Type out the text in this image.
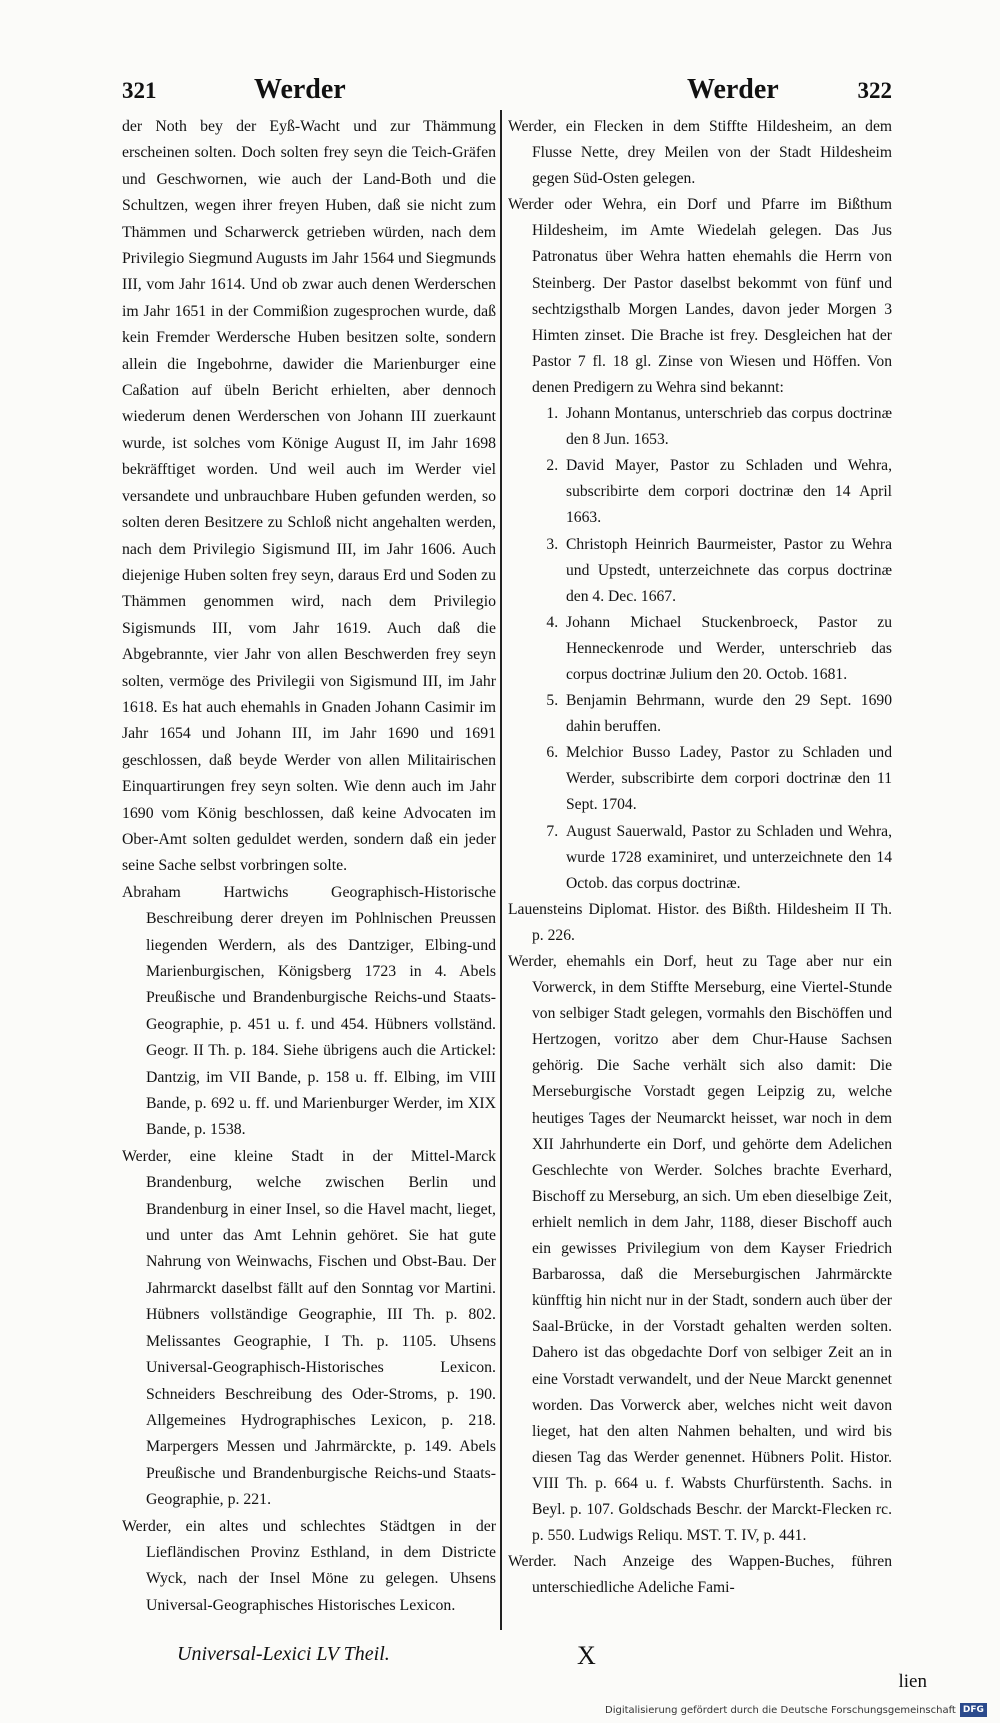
321	Werder	Werder	322

der Noth bey der Eyß-Wacht und zur Thämmung erscheinen solten. Doch solten frey seyn die Teich-Gräfen und Geschwornen, wie auch der Land-Both und die Schultzen, wegen ihrer freyen Huben, daß sie nicht zum Thämmen und Scharwerck getrieben würden, nach dem Privilegio Siegmund Augusts im Jahr 1564 und Siegmunds III, vom Jahr 1614. Und ob zwar auch denen Werderschen im Jahr 1651 in der Commißion zugesprochen wurde, daß kein Fremder Werdersche Huben besitzen solte, sondern allein die Ingebohrne, dawider die Marienburger eine Caßation auf übeln Bericht erhielten, aber dennoch wiederum denen Werderschen von Johann III zuerkaunt wurde, ist solches vom Könige August II, im Jahr 1698 bekräfftiget worden. Und weil auch im Werder viel versandete und unbrauchbare Huben gefunden werden, so solten deren Besitzere zu Schloß nicht angehalten werden, nach dem Privilegio Sigismund III, im Jahr 1606. Auch diejenige Huben solten frey seyn, daraus Erd und Soden zu Thämmen genommen wird, nach dem Privilegio Sigismunds III, vom Jahr 1619. Auch daß die Abgebrannte, vier Jahr von allen Beschwerden frey seyn solten, vermöge des Privilegii von Sigismund III, im Jahr 1618. Es hat auch ehemahls in Gnaden Johann Casimir im Jahr 1654 und Johann III, im Jahr 1690 und 1691 geschlossen, daß beyde Werder von allen Militairischen Einquartirungen frey seyn solten. Wie denn auch im Jahr 1690 vom König beschlossen, daß keine Advocaten im Ober-Amt solten geduldet werden, sondern daß ein jeder seine Sache selbst vorbringen solte.

Abraham Hartwichs Geographisch-Historische Beschreibung derer dreyen im Pohlnischen Preussen liegenden Werdern, als des Dantziger, Elbing-und Marienburgischen, Königsberg 1723 in 4. Abels Preußische und Brandenburgische Reichs-und Staats-Geographie, p. 451 u. f. und 454. Hübners vollständ. Geogr. II Th. p. 184. Siehe übrigens auch die Artickel: Dantzig, im VII Bande, p. 158 u. ff. Elbing, im VIII Bande, p. 692 u. ff. und Marienburger Werder, im XIX Bande, p. 1538.

Werder, eine kleine Stadt in der Mittel-Marck Brandenburg, welche zwischen Berlin und Brandenburg in einer Insel, so die Havel macht, lieget, und unter das Amt Lehnin gehöret. Sie hat gute Nahrung von Weinwachs, Fischen und Obst-Bau. Der Jahrmarckt daselbst fällt auf den Sonntag vor Martini. Hübners vollständige Geographie, III Th. p. 802. Melissantes Geographie, I Th. p. 1105. Uhsens Universal-Geographisch-Historisches Lexicon. Schneiders Beschreibung des Oder-Stroms, p. 190. Allgemeines Hydrographisches Lexicon, p. 218. Marpergers Messen und Jahrmärckte, p. 149. Abels Preußische und Brandenburgische Reichs-und Staats-Geographie, p. 221.

Werder, ein altes und schlechtes Städtgen in der Liefländischen Provinz Esthland, in dem Districte Wyck, nach der Insel Möne zu gelegen. Uhsens Universal-Geographisches Historisches Lexicon.

Werder, ein Flecken in dem Stiffte Hildesheim, an dem Flusse Nette, drey Meilen von der Stadt Hildesheim gegen Süd-Osten gelegen.

Werder oder Wehra, ein Dorf und Pfarre im Bißthum Hildesheim, im Amte Wiedelah gelegen. Das Jus Patronatus über Wehra hatten ehemahls die Herrn von Steinberg. Der Pastor daselbst bekommt von fünf und sechtzigsthalb Morgen Landes, davon jeder Morgen 3 Himten zinset. Die Brache ist frey. Desgleichen hat der Pastor 7 fl. 18 gl. Zinse von Wiesen und Höffen. Von denen Predigern zu Wehra sind bekannt:

1. Johann Montanus, unterschrieb das corpus doctrinæ den 8 Jun. 1653.
2. David Mayer, Pastor zu Schladen und Wehra, subscribirte dem corpori doctrinæ den 14 April 1663.
3. Christoph Heinrich Baurmeister, Pastor zu Wehra und Upstedt, unterzeichnete das corpus doctrinæ den 4. Dec. 1667.
4. Johann Michael Stuckenbroeck, Pastor zu Henneckenrode und Werder, unterschrieb das corpus doctrinæ Julium den 20. Octob. 1681.
5. Benjamin Behrmann, wurde den 29 Sept. 1690 dahin beruffen.
6. Melchior Busso Ladey, Pastor zu Schladen und Werder, subscribirte dem corpori doctrinæ den 11 Sept. 1704.
7. August Sauerwald, Pastor zu Schladen und Wehra, wurde 1728 examiniret, und unterzeichnete den 14 Octob. das corpus doctrinæ.

Lauensteins Diplomat. Histor. des Bißth. Hildesheim II Th. p. 226.

Werder, ehemahls ein Dorf, heut zu Tage aber nur ein Vorwerck, in dem Stiffte Merseburg, eine Viertel-Stunde von selbiger Stadt gelegen, vormahls den Bischöffen und Hertzogen, voritzo aber dem Chur-Hause Sachsen gehörig. Die Sache verhält sich also damit: Die Merseburgische Vorstadt gegen Leipzig zu, welche heutiges Tages der Neumarckt heisset, war noch in dem XII Jahrhunderte ein Dorf, und gehörte dem Adelichen Geschlechte von Werder. Solches brachte Everhard, Bischoff zu Merseburg, an sich. Um eben dieselbige Zeit, erhielt nemlich in dem Jahr, 1188, dieser Bischoff auch ein gewisses Privilegium von dem Kayser Friedrich Barbarossa, daß die Merseburgischen Jahrmärckte künfftig hin nicht nur in der Stadt, sondern auch über der Saal-Brücke, in der Vorstadt gehalten werden solten. Dahero ist das obgedachte Dorf von selbiger Zeit an in eine Vorstadt verwandelt, und der Neue Marckt genennet worden. Das Vorwerck aber, welches nicht weit davon lieget, hat den alten Nahmen behalten, und wird bis diesen Tag das Werder genennet. Hübners Polit. Histor. VIII Th. p. 664 u. f. Wabsts Churfürstenth. Sachs. in Beyl. p. 107. Goldschads Beschr. der Marckt-Flecken rc. p. 550. Ludwigs Reliqu. MST. T. IV, p. 441.

Werder. Nach Anzeige des Wappen-Buches, führen unterschiedliche Adeliche Fami-

Universal-Lexici LV Theil.	X
lien
Digitalisierung gefördert durch die Deutsche Forschungsgemeinschaft DFG
